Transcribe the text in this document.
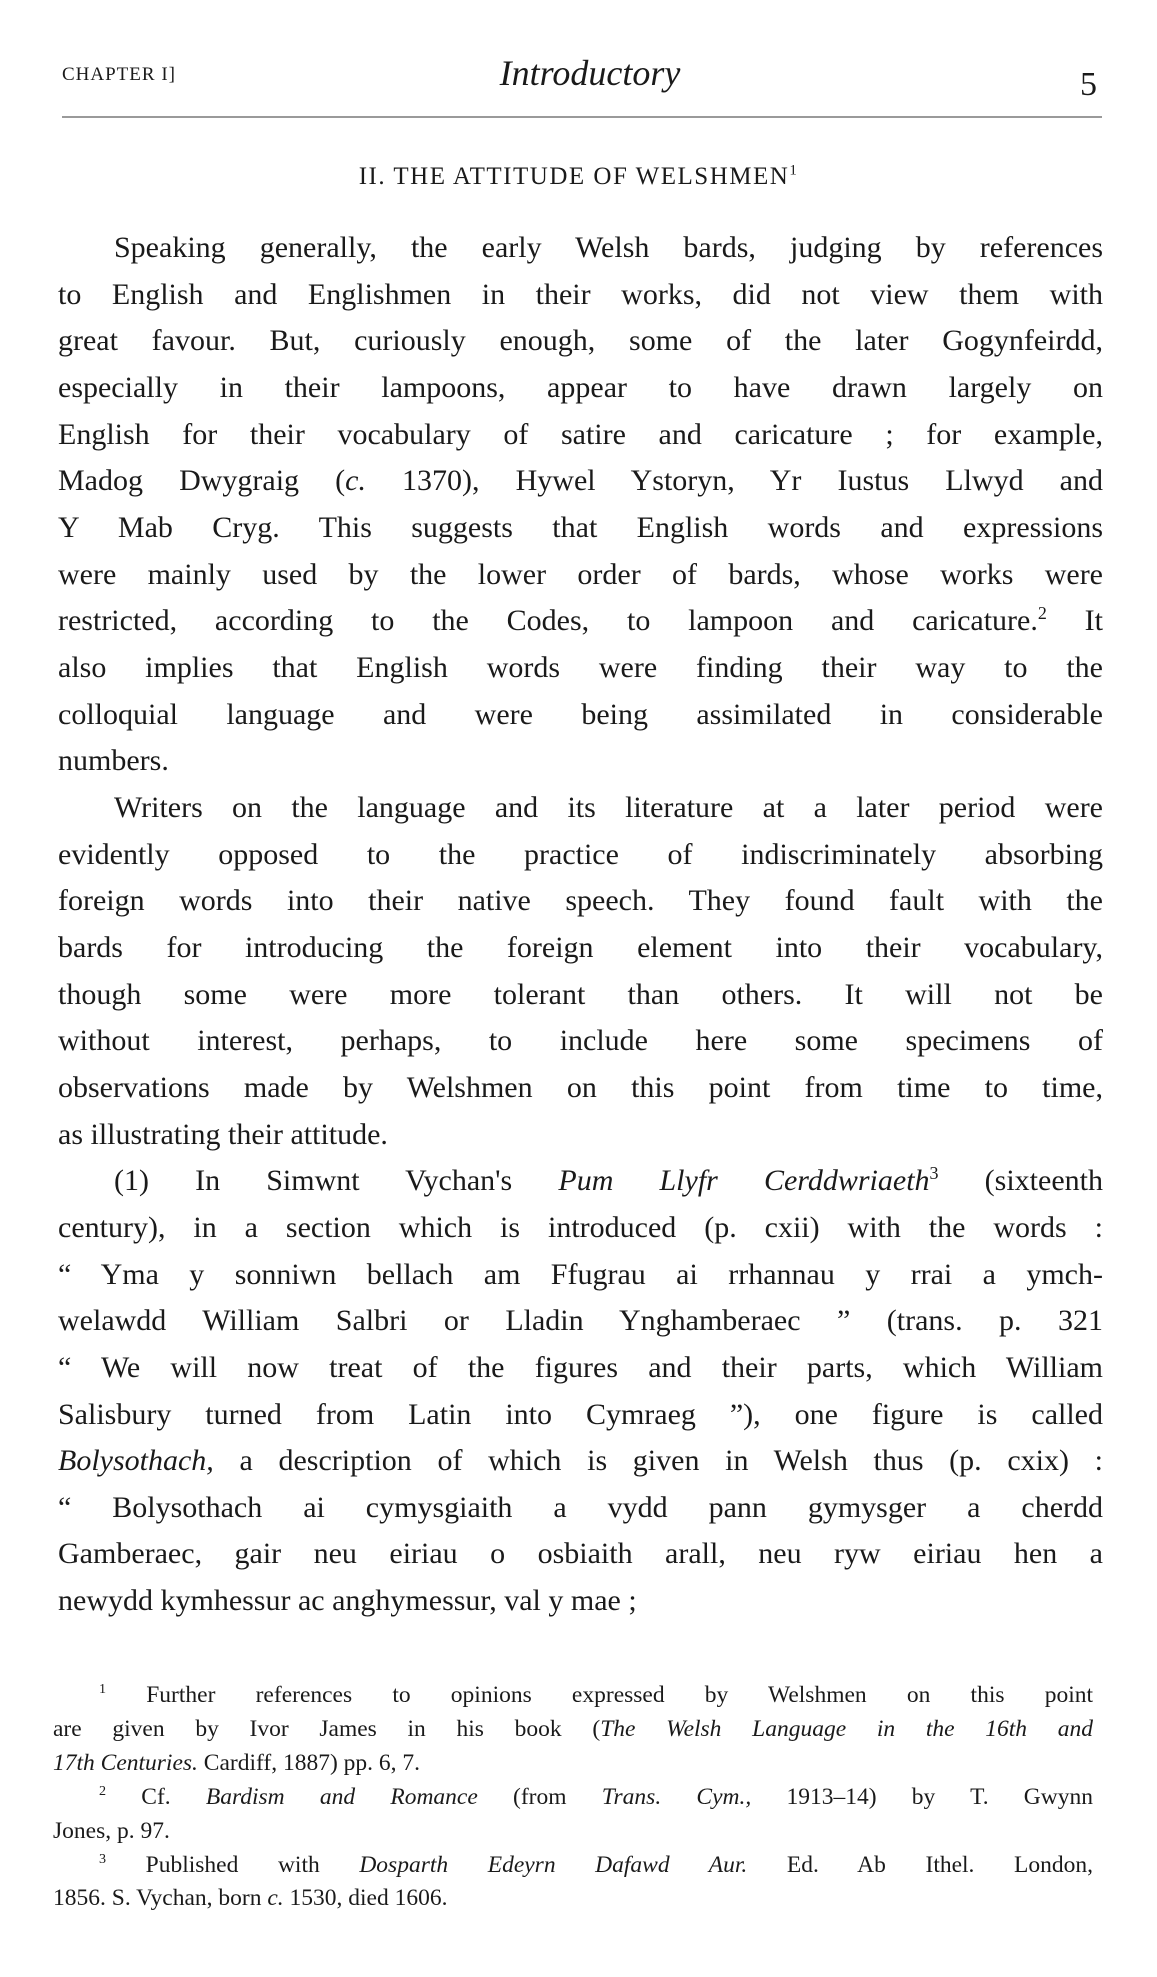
CHAPTER I]	Introductory	5
II. THE ATTITUDE OF WELSHMEN$^1$
Speaking generally, the early Welsh bards, judging by references
to English and Englishmen in their works, did not view them with
great favour. But, curiously enough, some of the later Gogynfeirdd,
especially in their lampoons, appear to have drawn largely on
English for their vocabulary of satire and caricature ; for example,
Madog Dwygraig (c. 1370), Hywel Ystoryn, Yr Iustus Llwyd and
Y Mab Cryg. This suggests that English words and expressions
were mainly used by the lower order of bards, whose works were
restricted, according to the Codes, to lampoon and caricature.$^2$ It
also implies that English words were finding their way to the
colloquial language and were being assimilated in considerable
numbers.
Writers on the language and its literature at a later period were
evidently opposed to the practice of indiscriminately absorbing
foreign words into their native speech. They found fault with the
bards for introducing the foreign element into their vocabulary,
though some were more tolerant than others. It will not be
without interest, perhaps, to include here some specimens of
observations made by Welshmen on this point from time to time,
as illustrating their attitude.
(1) In Simwnt Vychan's Pum Llyfr Cerddwriaeth$^3$ (sixteenth
century), in a section which is introduced (p. cxii) with the words :
“ Yma y sonniwn bellach am Ffugrau ai rrhannau y rrai a ymch-
welawdd William Salbri or Lladin Ynghamberaec ” (trans. p. 321
“ We will now treat of the figures and their parts, which William
Salisbury turned from Latin into Cymraeg ”), one figure is called
Bolysothach, a description of which is given in Welsh thus (p. cxix) :
“ Bolysothach ai cymysgiaith a vydd pann gymysger a cherdd
Gamberaec, gair neu eiriau o osbiaith arall, neu ryw eiriau hen a
newydd kymhessur ac anghymessur, val y mae ;
$^1$ Further references to opinions expressed by Welshmen on this point
are given by Ivor James in his book (The Welsh Language in the 16th and
17th Centuries. Cardiff, 1887) pp. 6, 7.
$^2$ Cf. Bardism and Romance (from Trans. Cym., 1913–14) by T. Gwynn
Jones, p. 97.
$^3$ Published with Dosparth Edeyrn Dafawd Aur. Ed. Ab Ithel. London,
1856. S. Vychan, born c. 1530, died 1606.
